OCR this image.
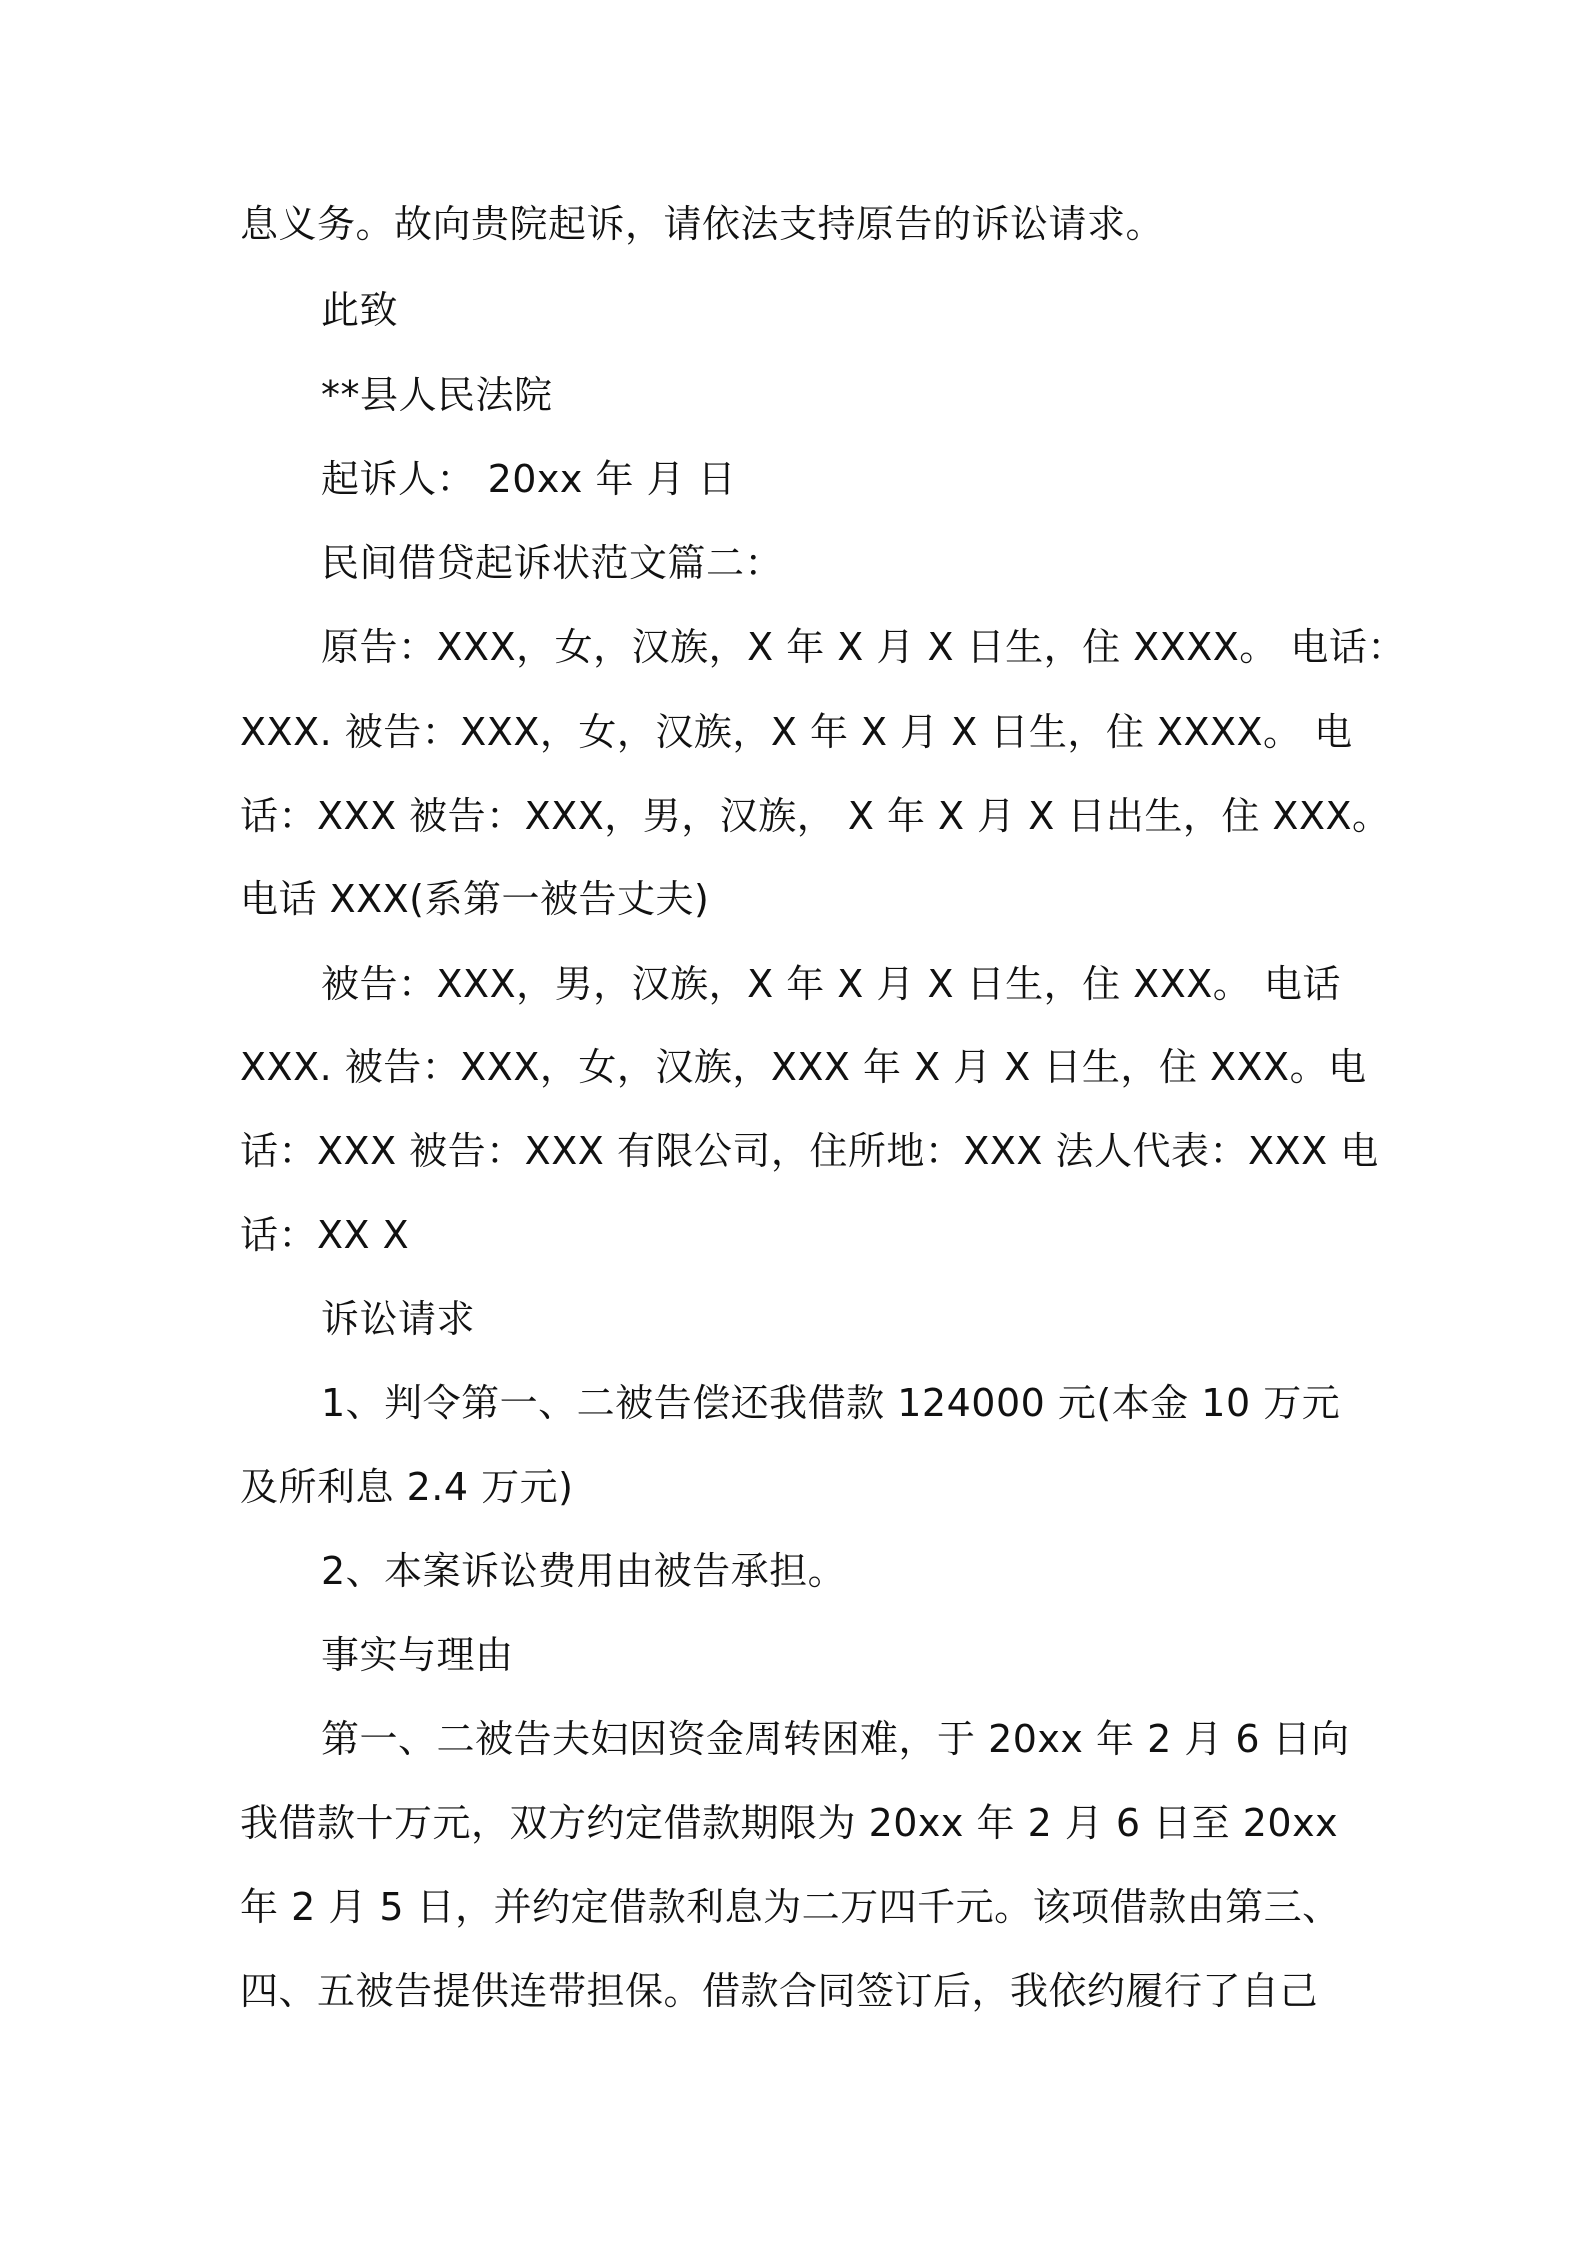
息义务。故向贵院起诉，请依法支持原告的诉讼请求。
此致
**县人民法院
起诉人： 20xx 年 月 日
民间借贷起诉状范文篇二：
原告：XXX，女，汉族，X 年 X 月 X 日生，住 XXXX。 电话：
XXX. 被告：XXX，女，汉族，X 年 X 月 X 日生，住 XXXX。 电
话：XXX 被告：XXX，男，汉族， X 年 X 月 X 日出生，住 XXX。
电话 XXX(系第一被告丈夫)
被告：XXX，男，汉族，X 年 X 月 X 日生，住 XXX。 电话
XXX. 被告：XXX，女，汉族，XXX 年 X 月 X 日生，住 XXX。电
话：XXX 被告：XXX 有限公司，住所地：XXX 法人代表：XXX 电
话：XX X
诉讼请求
1、判令第一、二被告偿还我借款 124000 元(本金 10 万元
及所利息 2.4 万元)
2、本案诉讼费用由被告承担。
事实与理由
第一、二被告夫妇因资金周转困难，于 20xx 年 2 月 6 日向
我借款十万元，双方约定借款期限为 20xx 年 2 月 6 日至 20xx
年 2 月 5 日，并约定借款利息为二万四千元。该项借款由第三、
四、五被告提供连带担保。借款合同签订后，我依约履行了自己
